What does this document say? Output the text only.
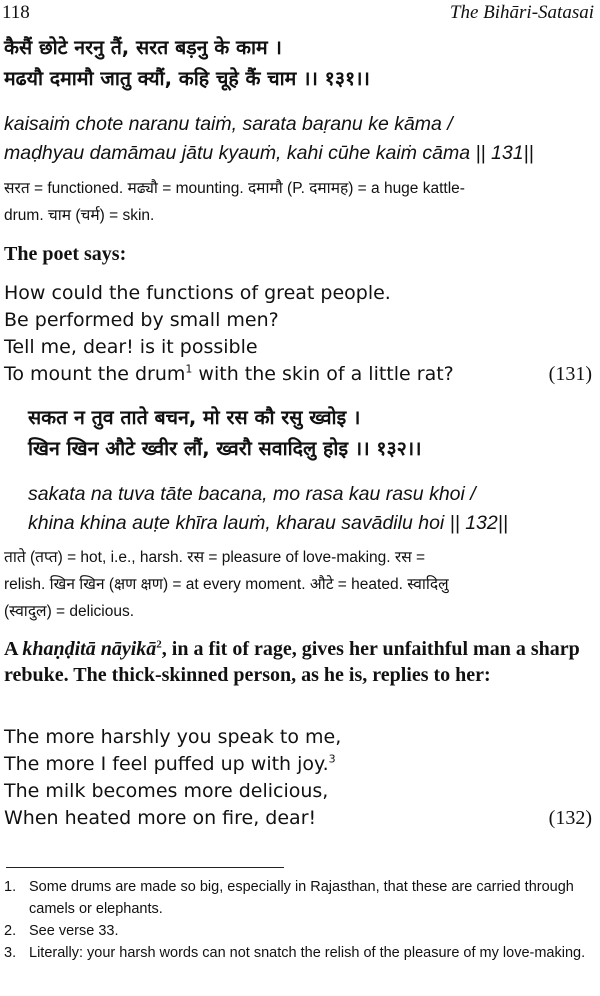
118	The Bihāri-Satasai
कैसैं छोटे नरनु तैं, सरत बड़नु के काम ।
मढयौ दमामौ जातु क्यौं, कहि चूहे कैं चाम ।। १३१।।
kaisaiṁ chote naranu taiṁ, sarata baṛanu ke kāma /
maḍhyau damāmau jātu kyauṁ, kahi cūhe kaiṁ cāma || 131||
सरत = functioned. मढ्यौ = mounting. दमामौ (P. दमामह) = a huge kattle-
drum. चाम (चर्म) = skin.
The poet says:
How could the functions of great people.
Be performed by small men?
Tell me, dear! is it possible
To mount the drum$^1$ with the skin of a little rat?	(131)
सकत न तुव ताते बचन, मो रस कौ रसु ख्वोइ ।
खिन खिन औटे ख्वीर लौं, ख्वरौ सवादिलु होइ ।। १३२।।
sakata na tuva tāte bacana, mo rasa kau rasu khoi /
khina khina auṭe khīra lauṁ, kharau savādilu hoi || 132||
ताते (तप्त) = hot, i.e., harsh. रस = pleasure of love-making. रस =
relish. खिन खिन (क्षण क्षण) = at every moment. औटे = heated. स्वादिलु
(स्वादुल) = delicious.
A khaṇḍitā nāyikā$^2$, in a fit of rage, gives her unfaithful man a sharp rebuke. The thick-skinned person, as he is, replies to her:
The more harshly you speak to me,
The more I feel puffed up with joy.$^3$
The milk becomes more delicious,
When heated more on fire, dear!	(132)
1. Some drums are made so big, especially in Rajasthan, that these are carried through camels or elephants.
2. See verse 33.
3. Literally: your harsh words can not snatch the relish of the pleasure of my love-making.
